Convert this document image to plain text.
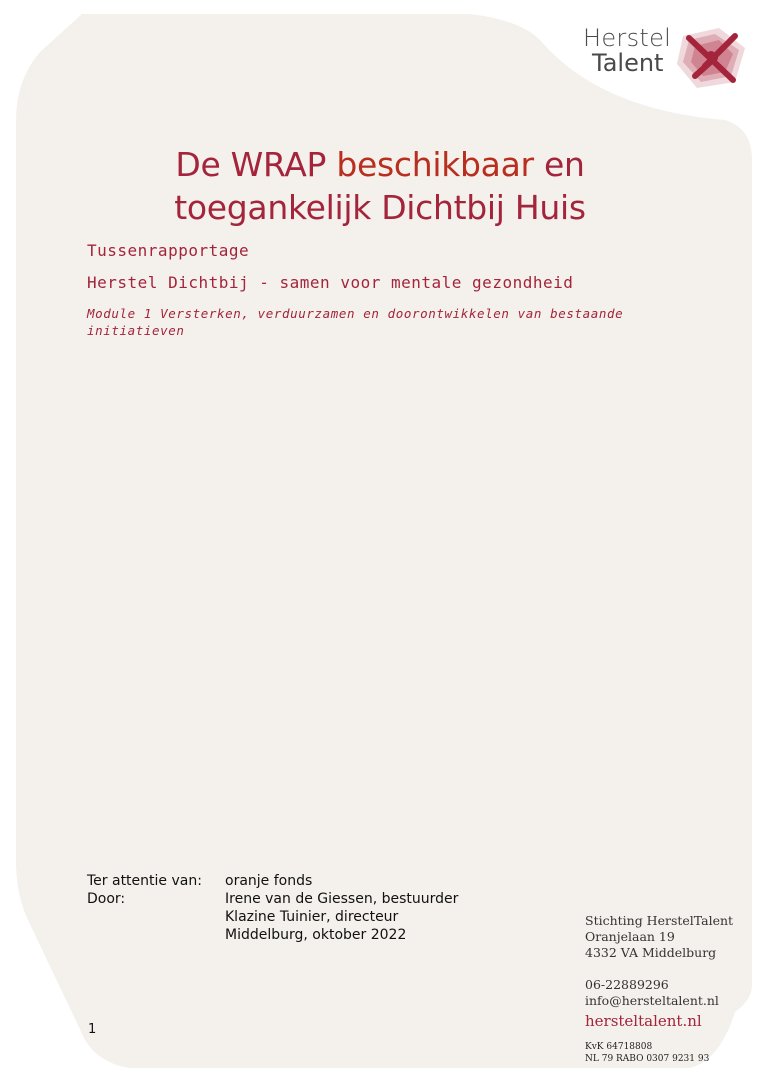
Herstel
Talent
De WRAP beschikbaar en
toegankelijk Dichtbij Huis

Tussenrapportage

Herstel Dichtbij - samen voor mentale gezondheid

Module 1 Versterken, verduurzamen en doorontwikkelen van bestaande initiatieven

Ter attentie van:	oranje fonds
Door:	Irene van de Giessen, bestuurder
Klazine Tuinier, directeur
Middelburg, oktober 2022
1
Stichting HerstelTalent
Oranjelaan 19
4332 VA Middelburg
06-22889296
info@hersteltalent.nl
hersteltalent.nl
KvK 64718808
NL 79 RABO 0307 9231 93
